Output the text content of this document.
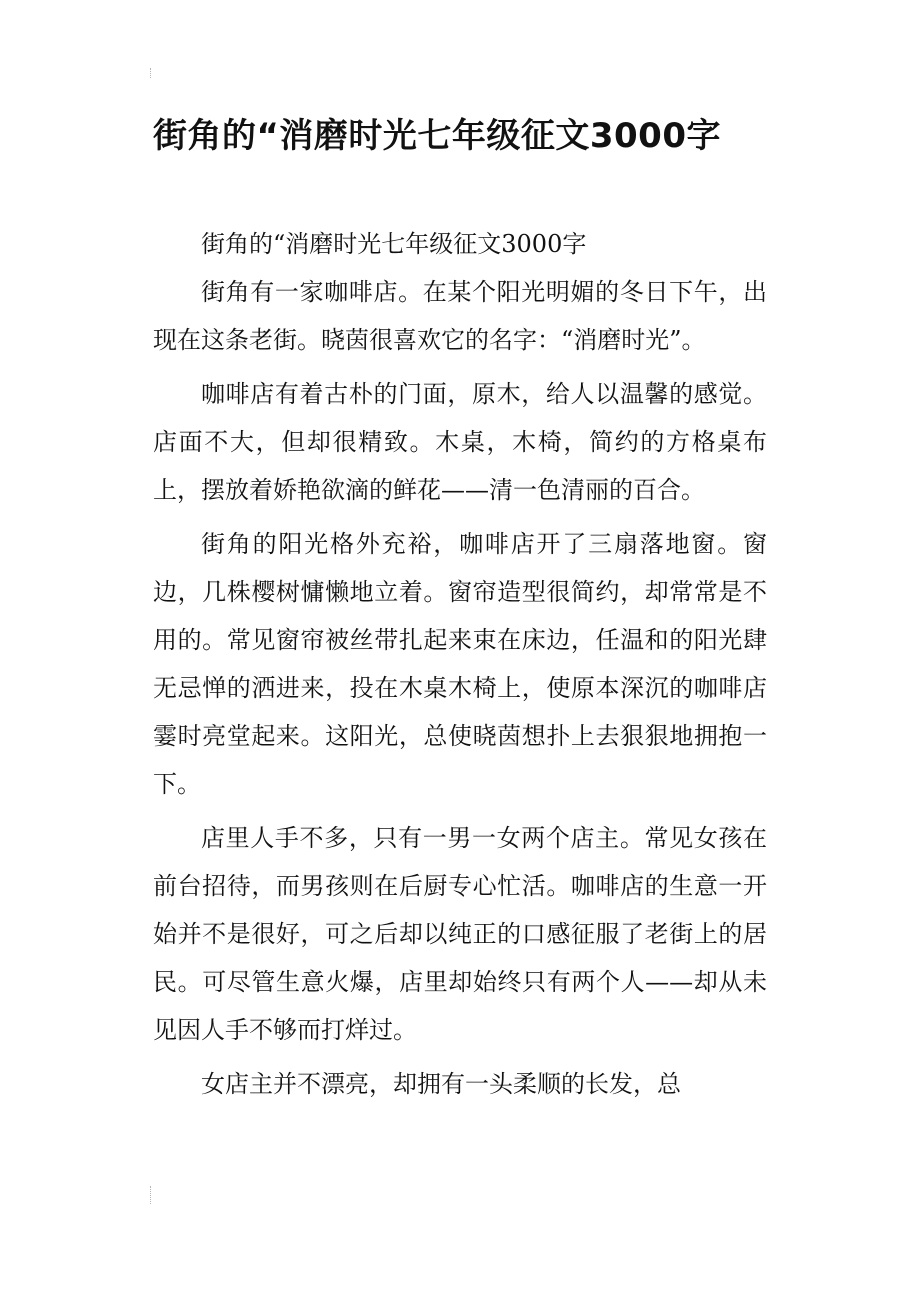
街角的“消磨时光七年级征文3000字

街角的“消磨时光七年级征文3000字

街角有一家咖啡店。在某个阳光明媚的冬日下午，出现在这条老街。晓茵很喜欢它的名字：“消磨时光”。

咖啡店有着古朴的门面，原木，给人以温馨的感觉。店面不大，但却很精致。木桌，木椅，简约的方格桌布上，摆放着娇艳欲滴的鲜花——清一色清丽的百合。

街角的阳光格外充裕，咖啡店开了三扇落地窗。窗边，几株樱树慵懒地立着。窗帘造型很简约，却常常是不用的。常见窗帘被丝带扎起来束在床边，任温和的阳光肆无忌惮的洒进来，投在木桌木椅上，使原本深沉的咖啡店霎时亮堂起来。这阳光，总使晓茵想扑上去狠狠地拥抱一下。

店里人手不多，只有一男一女两个店主。常见女孩在前台招待，而男孩则在后厨专心忙活。咖啡店的生意一开始并不是很好，可之后却以纯正的口感征服了老街上的居民。可尽管生意火爆，店里却始终只有两个人——却从未见因人手不够而打烊过。

女店主并不漂亮，却拥有一头柔顺的长发，总
